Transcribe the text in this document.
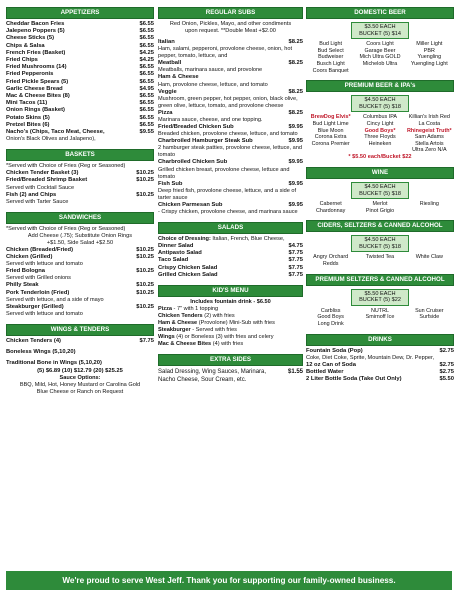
APPETIZERS
Cheddar Bacon Fries	$6.55
Jalepeno Poppers (5)	$6.55
Cheese Sticks (5)	$6.55
Chips & Salsa	$6.55
French Fries (Basket)	$4.25
Fried Chips	$4.25
Fried Mushrooms (14)	$6.55
Fried Pepperonis	$6.55
Fried Pickle Spears (5)	$6.55
Garlic Cheese Bread	$4.95
Mac & Cheese Bites (8)	$6.55
Mini Tacos (11)	$6.55
Onion Rings (Basket)	$6.55
Potato Skins (5)	$6.55
Pretzel Bites (6)	$6.55
Nacho's (Chips, Taco Meat, Cheese,	$9.55
Onion's Black Olives and Jalapeno),
BASKETS
*Served with Choice of Fries (Reg or Seasoned)
Chicken Tender Basket (3)	$10.25
Fried/Breaded Shrimp Basket	$10.25
Served with Cocktail Sauce
Fish (2) and Chips	$10.25
Served with Tarter Sauce
SANDWICHES
*Served with Choice of Fries (Reg or Seasoned)
Add Cheese (.75); Substitute Onion Rings
+$1.50, Side Salad +$2.50
Chicken (Breaded/Fried)	$10.25
Chicken (Grilled)	$10.25
Served with lettuce and tomato
Fried Bologna	$10.25
Served with Grilled onions
Philly Steak	$10.25
Pork Tenderloin (Fried)	$10.25
Served with lettuce, and a side of mayo
Steakburger (Grilled)	$10.25
Served with lettuce and tomato
WINGS & TENDERS
Chicken Tenders (4)	$7.75
Boneless Wings (5,10,20)
Traditional Bone in Wings (5,10,20)
(5) $6.89 (10) $12.79 (20) $25.25
Sauce Options:
BBQ, Mild, Hot, Honey Mustard or Carolina Gold
Blue Cheese or Ranch on Request
REGULAR SUBS
Red Onion, Pickles, Mayo, and other condiments
upon request. **Double Meat +$2.00
Italian	$8.25
Ham, salami, pepperoni, provolone cheese, onion, hot pepper, tomato, lettuce, and
Meatball	$8.25
Meatballs, marinara sauce, and provolone
Ham & Cheese
Ham, provolone cheese, lettuce, and tomato
Veggie	$8.25
Mushroom, green pepper, hot pepper, onion, black olive, green olive, lettuce, tomato, and provolone cheese
Pizza	$8.25
Marinara sauce, cheese, and one topping.
Fried/Breaded Chicken Sub	$9.95
Breaded chicken, provolone cheese, lettuce, and tomato
Charbroiled Hamburger Steak Sub	$9.95
2 hamburger steak patties, provolone cheese, lettuce, and tomato
Charbroiled Chicken Sub	$9.95
Grilled chicken breast, provolone cheese, lettuce and tomato
Fish Sub	$9.95
Deep fried fish, provolone cheese, lettuce, and a side of tarter sauce
Chicken Parmesan Sub	$9.95
- Crispy chicken, provolone cheese, and marinara sauce
SALADS
Choice of Dressing: Italian, French, Blue Cheese,
Dinner Salad	$4.75
Antipasto Salad	$7.75
Taco Salad	$7.75
Crispy Chicken Salad	$7.75
Grilled Chicken Salad	$7.75
KID'S MENU
Includes fountain drink - $6.50
Pizza - 7" with 1 topping
Chicken Tenders (2) with fries
Ham & Cheese (Provolone) Mini-Sub with fries
Steakburger - Served with fries
Wings (4) or Boneless (3) with fries and celery
Mac & Cheese Bites (4) with fries
EXTRA SIDES
Salad Dressing, Wing Sauces, Marinara,
Nacho Cheese, Sour Cream, etc.
$1.55
DOMESTIC BEER
$3.50 EACH
BUCKET (5) $14
Bud Light	Coors Light	Miller Light
Bud Select	Garage Beer	PBR
Budweiser	Mich Ultra GOLD	Yuengling
Busch Light	Michelob Ultra	Yuengling Light
Coors Banquet
PREMIUM BEER & IPA's
$4.50 EACH
BUCKET (5) $18
BrewDog Elvis*	Columbus IPA	Killian's Irish Red
Bud Light Lime	Cincy Light	La Costa
Blue Moon	Good Boys*	Rhinegeist Truth*
Corona Extra	Three Floyds	Sam Adams
Corona Premier	Heineken	Stella Artois
Ultra Zero N/A
* $5.50 each/Bucket $22
WINE
$4.50 EACH
BUCKET (5) $18
Cabernet	Merlot	Riesling
Chardonnay	Pinot Grigio
CIDERS, SELTZERS & CANNED ALCOHOL
$4.50 EACH
BUCKET (5) $18
Angry Orchard	Twisted Tea	White Claw
Redds
PREMIUM SELTZERS & CANNED ALCOHOL
$5.50 EACH
BUCKET (5) $22
Carbliss	NUTRL	Sun Cruiser
Good Boys	Smirnoff Ice	Surfside
Long Drink
DRINKS
Fountain Soda (Pop)	$2.75
Coke, Diet Coke, Sprite, Mountain Dew, Dr. Pepper,
12 oz Can of Soda	$2.75
Bottled Water	$2.75
2 Liter Bottle Soda (Take Out Only)	$5.50
We're proud to serve West Jeff. Thank you for supporting our family-owned business.
